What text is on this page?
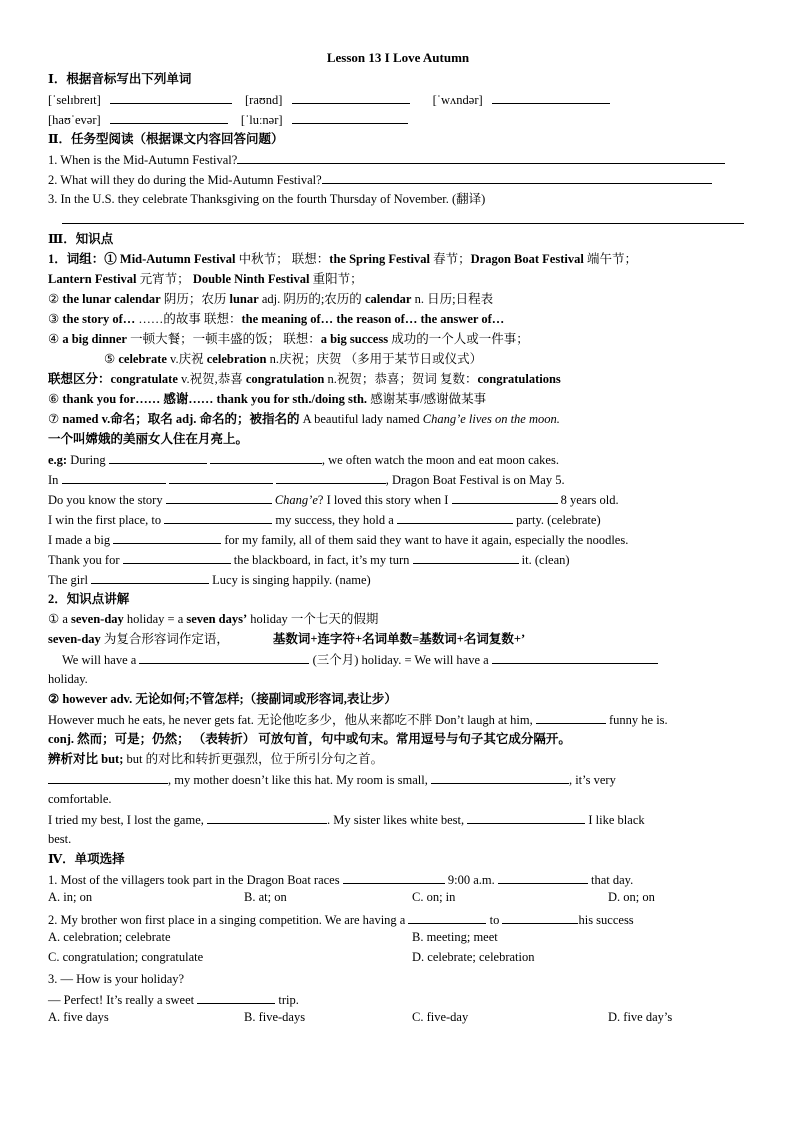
Lesson 13 I Love Autumn
Ⅰ．根据音标写出下列单词
[ˈselɪbreɪt]	[raʊnd]	[ˈwʌndər]
[haʊˈevər]	[ˈluːnər]
Ⅱ．任务型阅读（根据课文内容回答问题）
1. When is the Mid-Autumn Festival?
2. What will they do during the Mid-Autumn Festival?
3. In the U.S. they celebrate Thanksgiving on the fourth Thursday of November. (翻译)
Ⅲ．知识点
1．词组：① Mid-Autumn Festival 中秋节； 联想：the Spring Festival 春节；Dragon Boat Festival 端午节；
Lantern Festival 元宵节； Double Ninth Festival 重阳节；
② the lunar calendar 阴历；农历 lunar adj. 阴历的;农历的 calendar n. 日历;日程表
③ the story of… ……的故事 联想：the meaning of… the reason of… the answer of…
④ a big dinner 一顿大餐；一顿丰盛的饭； 联想：a big success 成功的一个人或一件事；
⑤ celebrate v.庆祝 celebration n.庆祝；庆贺 （多用于某节日或仪式）
联想区分：congratulate v.祝贺,恭喜 congratulation n.祝贺；恭喜；贺词 复数：congratulations
⑥ thank you for…… 感谢…… thank you for sth./doing sth. 感谢某事/感谢做某事
⑦ named v.命名；取名 adj. 命名的；被指名的 A beautiful lady named Chang’e lives on the moon.
一个叫嫦娥的美丽女人住在月亮上。
e.g: During	, we often watch the moon and eat moon cakes.
In	, Dragon Boat Festival is on May 5.
Do you know the story	Chang’e? I loved this story when I	8 years old.
I win the first place, to	my success, they hold a	party. (celebrate)
I made a big	for my family, all of them said they want to have it again, especially the noodles.
Thank you for	the blackboard, in fact, it’s my turn	it. (clean)
The girl	Lucy is singing happily. (name)
2．知识点讲解
① a seven-day holiday = a seven days’ holiday 一个七天的假期
seven-day 为复合形容词作定语，	基数词+连字符+名词单数=基数词+名词复数+’
We will have a	(三个月) holiday. = We will have a
holiday.
② however adv. 无论如何;不管怎样;（接副词或形容词,表让步）
However much he eats, he never gets fat. 无论他吃多少，他从来都吃不胖 Don’t laugh at him,	funny he is.
conj. 然而；可是；仍然； （表转折） 可放句首，句中或句末。常用逗号与句子其它成分隔开。
辨析对比 but; but 的对比和转折更强烈，位于所引分句之首。
, my mother doesn’t like this hat. My room is small,	, it’s very
comfortable.
I tried my best, I lost the game,	. My sister likes white best,	I like black
best.
Ⅳ．单项选择
1. Most of the villagers took part in the Dragon Boat races	9:00 a.m.	that day.
A. in; on	B. at; on	C. on; in	D. on; on
2. My brother won first place in a singing competition. We are having a	to	his success
A. celebration; celebrate	B. meeting; meet
C. congratulation; congratulate	D. celebrate; celebration
3. — How is your holiday?
— Perfect! It’s really a sweet	trip.
A. five days	B. five-days	C. five-day	D. five day’s
